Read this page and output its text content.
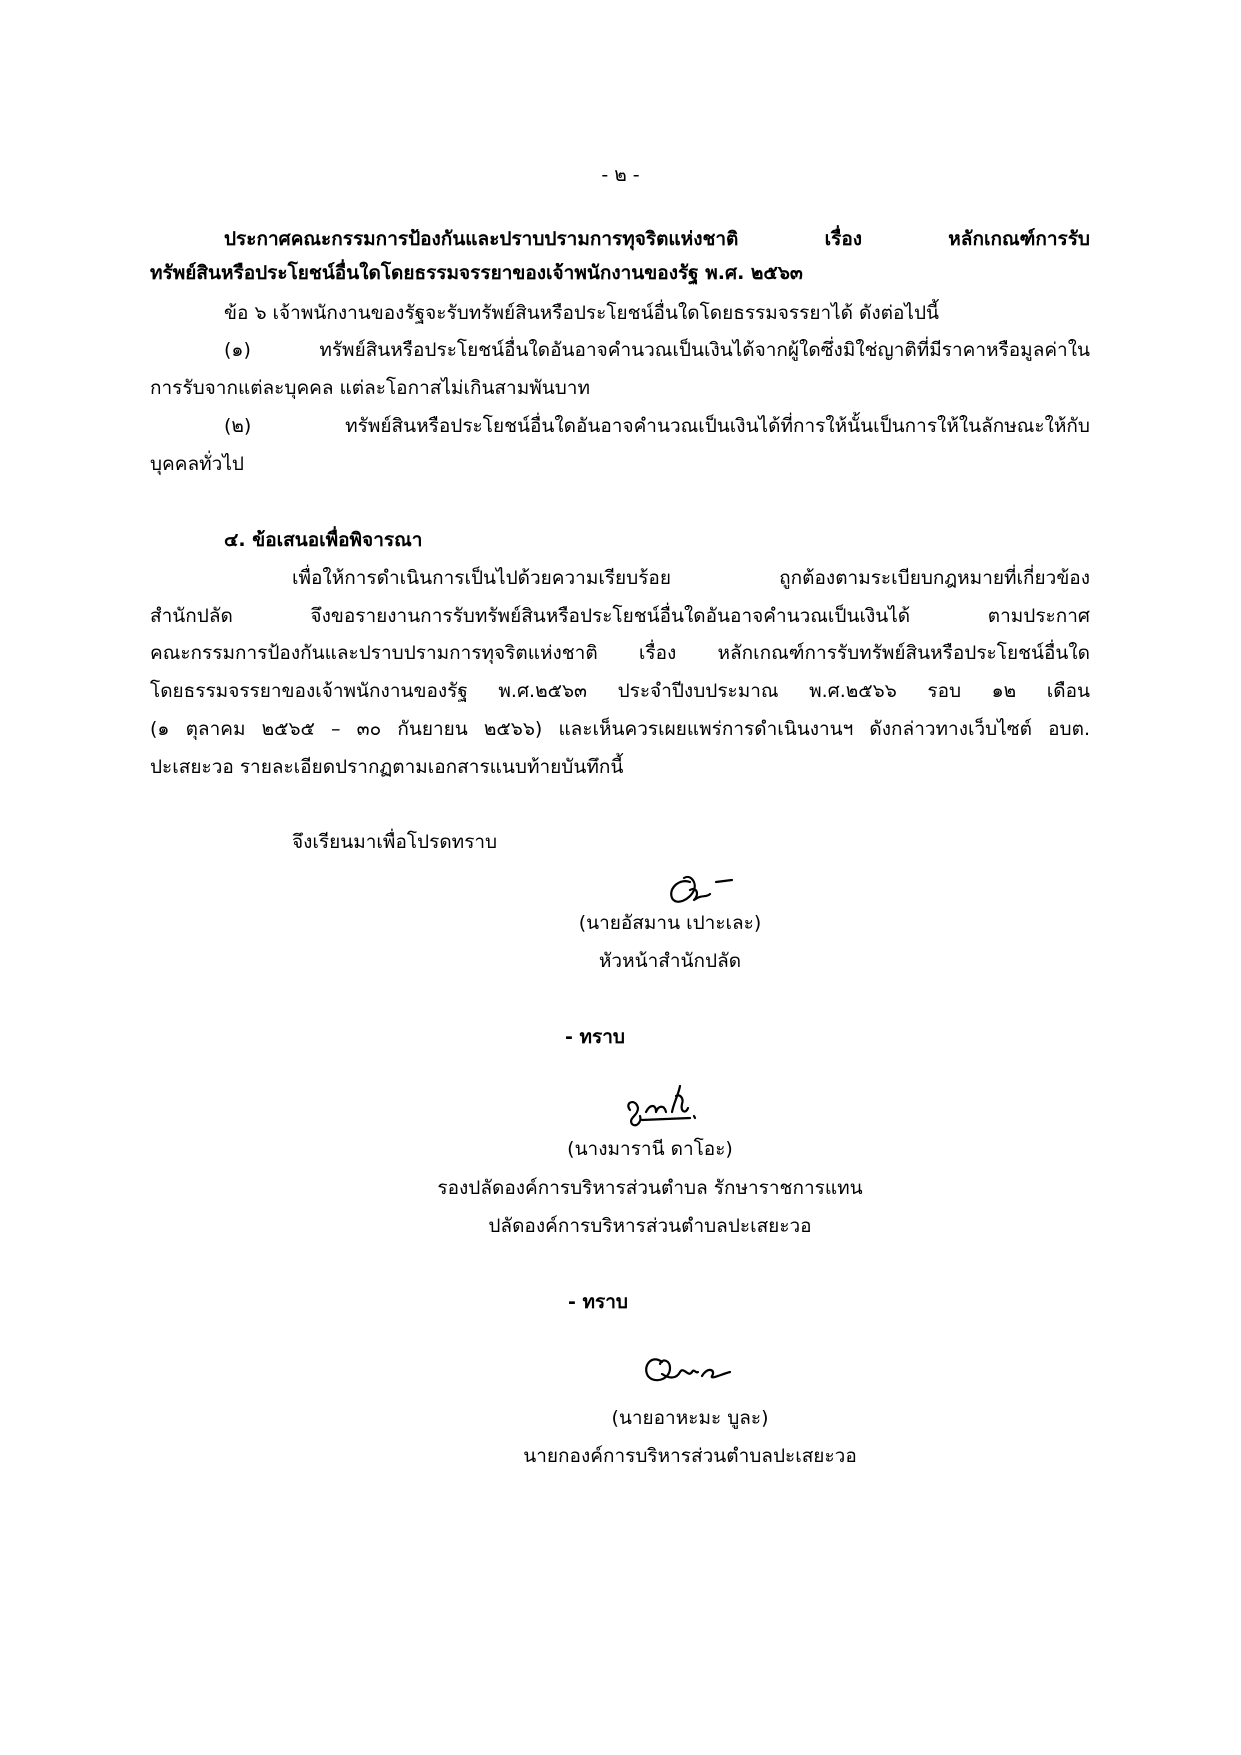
- ๒ -
ประกาศคณะกรรมการป้องกันและปราบปรามการทุจริตแห่งชาติ เรื่อง หลักเกณฑ์การรับ
ทรัพย์สินหรือประโยชน์อื่นใดโดยธรรมจรรยาของเจ้าพนักงานของรัฐ พ.ศ. ๒๕๖๓
ข้อ ๖ เจ้าพนักงานของรัฐจะรับทรัพย์สินหรือประโยชน์อื่นใดโดยธรรมจรรยาได้ ดังต่อไปนี้
(๑) ทรัพย์สินหรือประโยชน์อื่นใดอันอาจคำนวณเป็นเงินได้จากผู้ใดซึ่งมิใช่ญาติที่มีราคาหรือมูลค่าใน
การรับจากแต่ละบุคคล แต่ละโอกาสไม่เกินสามพันบาท
(๒) ทรัพย์สินหรือประโยชน์อื่นใดอันอาจคำนวณเป็นเงินได้ที่การให้นั้นเป็นการให้ในลักษณะให้กับ
บุคคลทั่วไป
๔. ข้อเสนอเพื่อพิจารณา
เพื่อให้การดำเนินการเป็นไปด้วยความเรียบร้อย ถูกต้องตามระเบียบกฎหมายที่เกี่ยวข้อง
สำนักปลัด จึงขอรายงานการรับทรัพย์สินหรือประโยชน์อื่นใดอันอาจคำนวณเป็นเงินได้ ตามประกาศ
คณะกรรมการป้องกันและปราบปรามการทุจริตแห่งชาติ เรื่อง หลักเกณฑ์การรับทรัพย์สินหรือประโยชน์อื่นใด
โดยธรรมจรรยาของเจ้าพนักงานของรัฐ พ.ศ.๒๕๖๓ ประจำปีงบประมาณ พ.ศ.๒๕๖๖ รอบ ๑๒ เดือน
(๑ ตุลาคม ๒๕๖๕ – ๓๐ กันยายน ๒๕๖๖) และเห็นควรเผยแพร่การดำเนินงานฯ ดังกล่าวทางเว็บไซต์ อบต.
ปะเสยะวอ รายละเอียดปรากฏตามเอกสารแนบท้ายบันทึกนี้
จึงเรียนมาเพื่อโปรดทราบ
(นายอัสมาน เปาะเละ)
หัวหน้าสำนักปลัด
- ทราบ
(นางมารานี ดาโอะ)
รองปลัดองค์การบริหารส่วนตำบล รักษาราชการแทน
ปลัดองค์การบริหารส่วนตำบลปะเสยะวอ
- ทราบ
(นายอาหะมะ บูละ)
นายกองค์การบริหารส่วนตำบลปะเสยะวอ
